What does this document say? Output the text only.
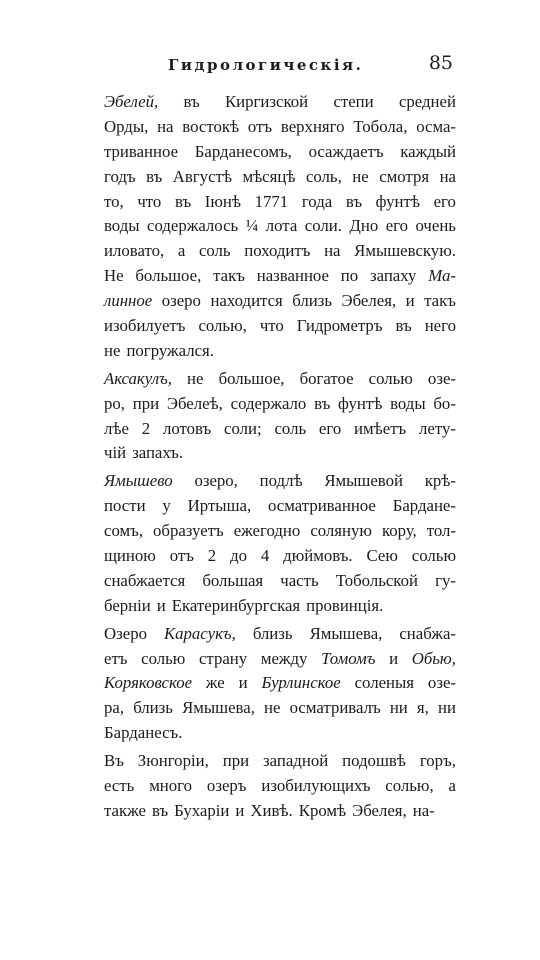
Гидрологическія.	85
Эбелей, въ Киргизской степи средней
Орды, на востокѣ отъ верхняго Тобола, осма-
триванное Барданесомъ, осаждаетъ каждый
годъ въ Августѣ мѣсяцѣ соль, не смотря на
то, что въ Іюнѣ 1771 года въ фунтѣ его
воды содержалось ¼ лота соли. Дно его очень
иловато, а соль походитъ на Ямышевскую.
Не большое, такъ названное по запаху Ма-
линное озеро находится близь Эбелея, и такъ
изобилуетъ солью, что Гидрометръ въ него
не погружался.
Аксакулъ, не большое, богатое солью озе-
ро, при Эбелеѣ, содержало въ фунтѣ воды бо-
лѣе 2 лотовъ соли; соль его имѣетъ лету-
чій запахъ.
Ямышево озеро, подлѣ Ямышевой крѣ-
пости у Иртыша, осматриванное Бардане-
сомъ, образуетъ ежегодно соляную кору, тол-
щиною отъ 2 до 4 дюймовъ. Сею солью
снабжается большая часть Тобольской гу-
берніи и Екатеринбургская провинція.
Озеро Карасукъ, близь Ямышева, снабжа-
етъ солью страну между Томомъ и Обью,
Коряковское же и Бурлинское соленыя озе-
ра, близь Ямышева, не осматривалъ ни я, ни
Барданесъ.
Въ Зюнгоріи, при западной подошвѣ горъ,
есть много озеръ изобилующихъ солью, а
также въ Бухаріи и Хивѣ. Кромѣ Эбелея, на-
